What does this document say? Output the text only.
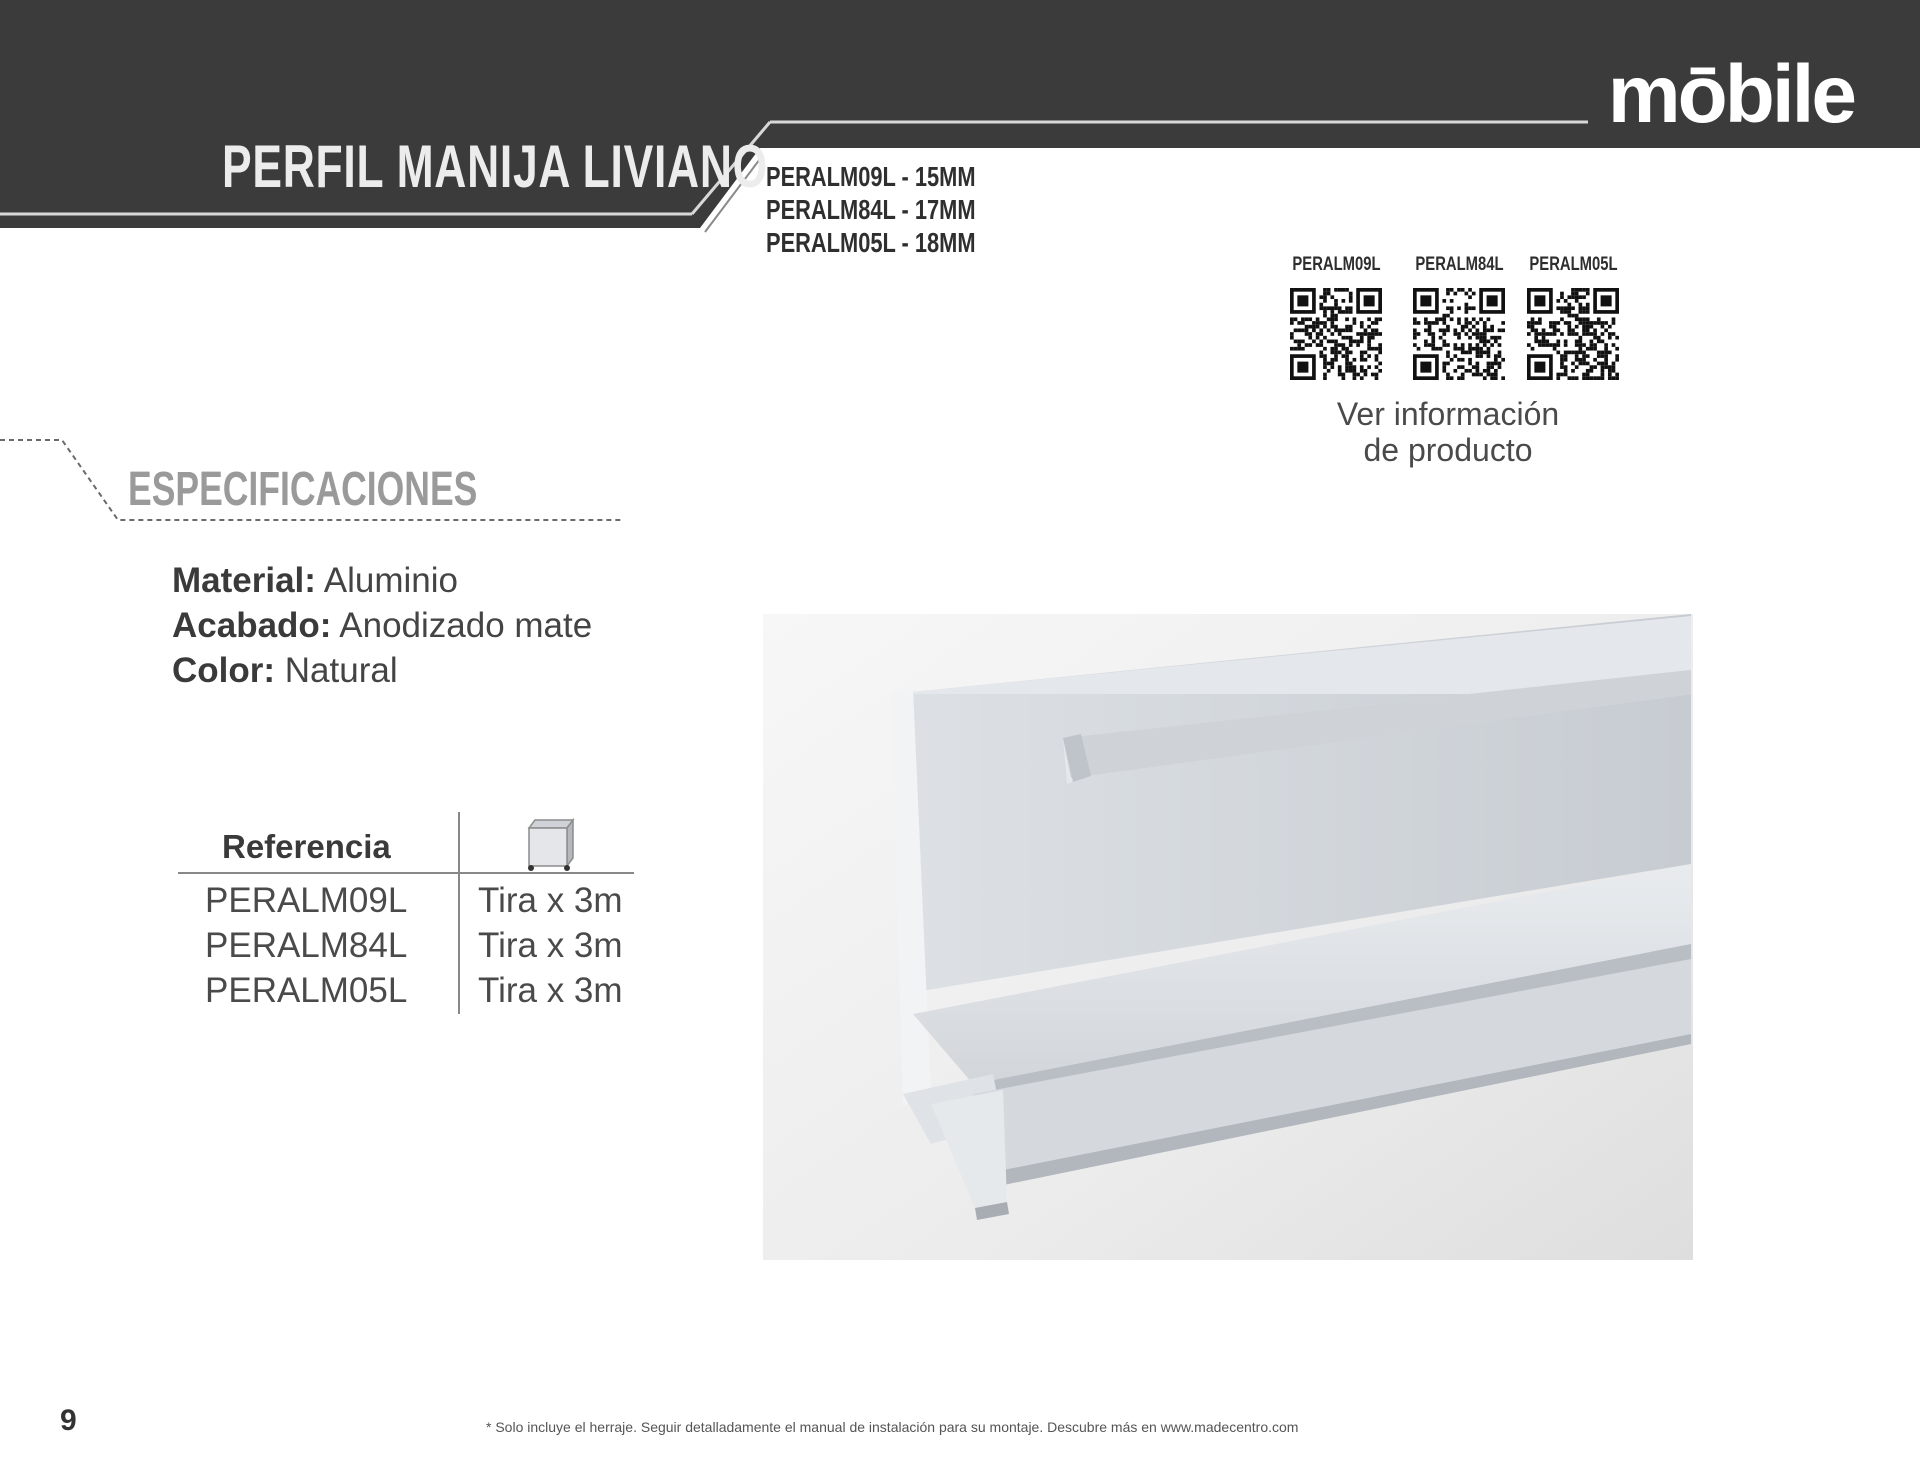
mōbile
PERFIL MANIJA LIVIANO
PERALM09L - 15MM
PERALM84L - 17MM
PERALM05L - 18MM
PERALM09L PERALM84L PERALM05L
Ver información
de producto
ESPECIFICACIONES
Material: Aluminio
Acabado: Anodizado mate
Color: Natural
Referencia
PERALM09L
PERALM84L
PERALM05L
Tira x 3m
Tira x 3m
Tira x 3m
9	* Solo incluye el herraje. Seguir detalladamente el manual de instalación para su montaje. Descubre más en www.madecentro.com
